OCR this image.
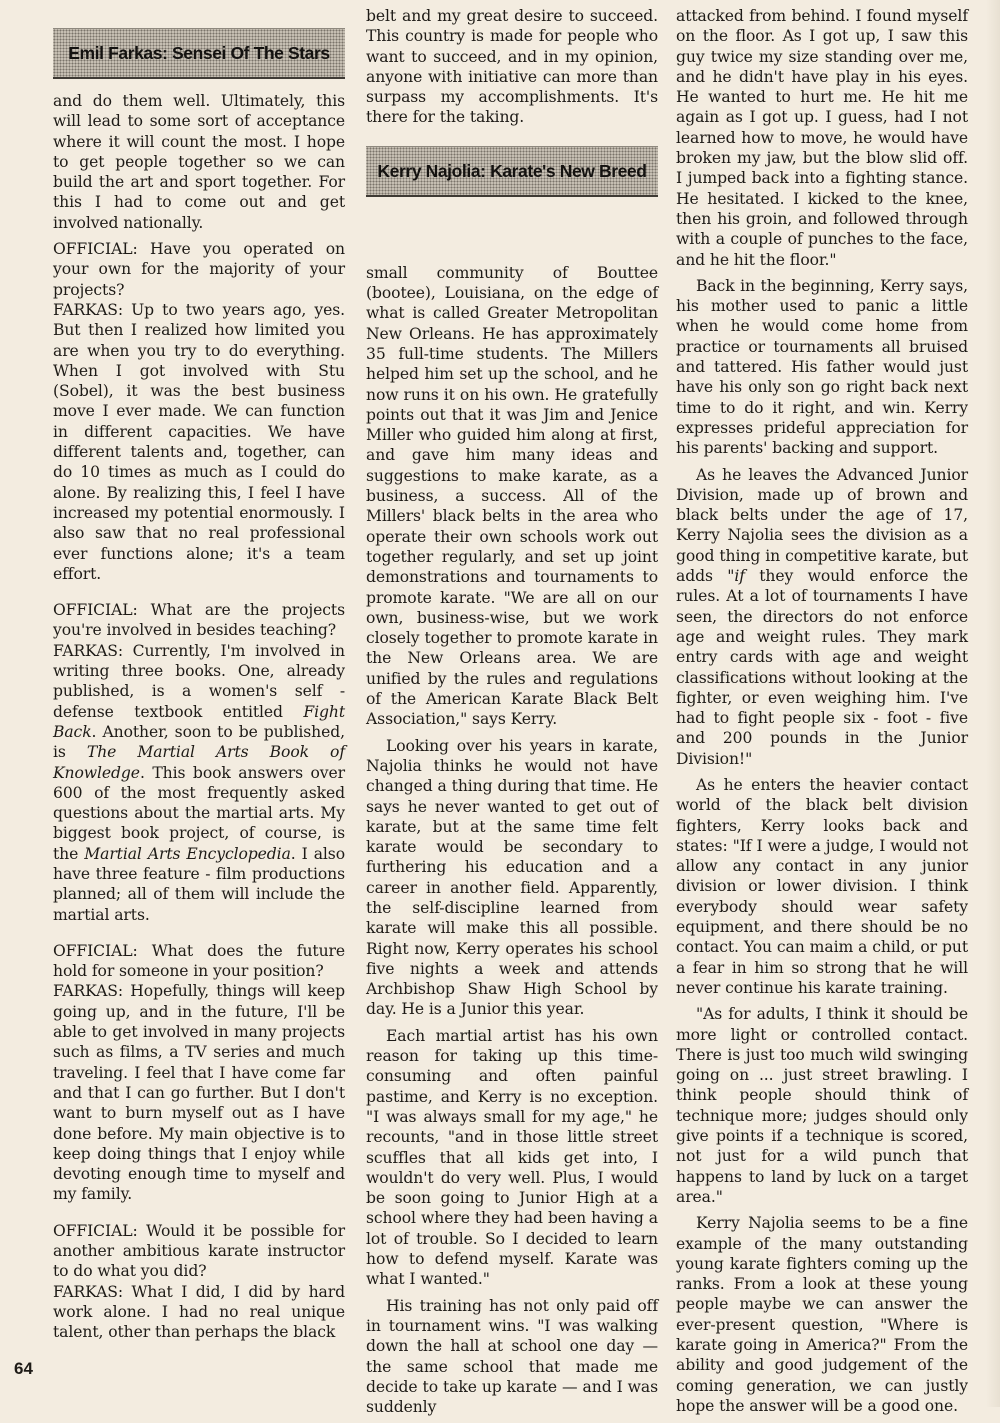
Emil Farkas: Sensei Of The Stars

and do them well. Ultimately, this will lead to some sort of acceptance where it will count the most. I hope to get people together so we can build the art and sport together. For this I had to come out and get involved nationally.

OFFICIAL: Have you operated on your own for the majority of your projects?

FARKAS: Up to two years ago, yes. But then I realized how limited you are when you try to do everything. When I got involved with Stu (Sobel), it was the best business move I ever made. We can function in different capacities. We have different talents and, together, can do 10 times as much as I could do alone. By realizing this, I feel I have increased my potential enormously. I also saw that no real professional ever functions alone; it's a team effort.

OFFICIAL: What are the projects you're involved in besides teaching?

FARKAS: Currently, I'm involved in writing three books. One, already published, is a women's self - defense textbook entitled Fight Back. Another, soon to be published, is The Martial Arts Book of Knowledge. This book answers over 600 of the most frequently asked questions about the martial arts. My biggest book project, of course, is the Martial Arts Encyclopedia. I also have three feature - film productions planned; all of them will include the martial arts.

OFFICIAL: What does the future hold for someone in your position?

FARKAS: Hopefully, things will keep going up, and in the future, I'll be able to get involved in many projects such as films, a TV series and much traveling. I feel that I have come far and that I can go further. But I don't want to burn myself out as I have done before. My main objective is to keep doing things that I enjoy while devoting enough time to myself and my family.

OFFICIAL: Would it be possible for another ambitious karate instructor to do what you did?

FARKAS: What I did, I did by hard work alone. I had no real unique talent, other than perhaps the black

belt and my great desire to succeed. This country is made for people who want to succeed, and in my opinion, anyone with initiative can more than surpass my accomplishments. It's there for the taking.

Kerry Najolia: Karate's New Breed

small community of Bouttee (bootee), Louisiana, on the edge of what is called Greater Metropolitan New Orleans. He has approximately 35 full-time students. The Millers helped him set up the school, and he now runs it on his own. He gratefully points out that it was Jim and Jenice Miller who guided him along at first, and gave him many ideas and suggestions to make karate, as a business, a success. All of the Millers' black belts in the area who operate their own schools work out together regularly, and set up joint demonstrations and tournaments to promote karate. "We are all on our own, business-wise, but we work closely together to promote karate in the New Orleans area. We are unified by the rules and regulations of the American Karate Black Belt Association," says Kerry.

Looking over his years in karate, Najolia thinks he would not have changed a thing during that time. He says he never wanted to get out of karate, but at the same time felt karate would be secondary to furthering his education and a career in another field. Apparently, the self-discipline learned from karate will make this all possible. Right now, Kerry operates his school five nights a week and attends Archbishop Shaw High School by day. He is a Junior this year.

Each martial artist has his own reason for taking up this time-consuming and often painful pastime, and Kerry is no exception. "I was always small for my age," he recounts, "and in those little street scuffles that all kids get into, I wouldn't do very well. Plus, I would be soon going to Junior High at a school where they had been having a lot of trouble. So I decided to learn how to defend myself. Karate was what I wanted."

His training has not only paid off in tournament wins. "I was walking down the hall at school one day — the same school that made me decide to take up karate — and I was suddenly

attacked from behind. I found myself on the floor. As I got up, I saw this guy twice my size standing over me, and he didn't have play in his eyes. He wanted to hurt me. He hit me again as I got up. I guess, had I not learned how to move, he would have broken my jaw, but the blow slid off. I jumped back into a fighting stance. He hesitated. I kicked to the knee, then his groin, and followed through with a couple of punches to the face, and he hit the floor."

Back in the beginning, Kerry says, his mother used to panic a little when he would come home from practice or tournaments all bruised and tattered. His father would just have his only son go right back next time to do it right, and win. Kerry expresses prideful appreciation for his parents' backing and support.

As he leaves the Advanced Junior Division, made up of brown and black belts under the age of 17, Kerry Najolia sees the division as a good thing in competitive karate, but adds "if they would enforce the rules. At a lot of tournaments I have seen, the directors do not enforce age and weight rules. They mark entry cards with age and weight classifications without looking at the fighter, or even weighing him. I've had to fight people six - foot - five and 200 pounds in the Junior Division!"

As he enters the heavier contact world of the black belt division fighters, Kerry looks back and states: "If I were a judge, I would not allow any contact in any junior division or lower division. I think everybody should wear safety equipment, and there should be no contact. You can maim a child, or put a fear in him so strong that he will never continue his karate training.

"As for adults, I think it should be more light or controlled contact. There is just too much wild swinging going on ... just street brawling. I think people should think of technique more; judges should only give points if a technique is scored, not just for a wild punch that happens to land by luck on a target area."

Kerry Najolia seems to be a fine example of the many outstanding young karate fighters coming up the ranks. From a look at these young people maybe we can answer the ever-present question, "Where is karate going in America?" From the ability and good judgement of the coming generation, we can justly hope the answer will be a good one.

64
